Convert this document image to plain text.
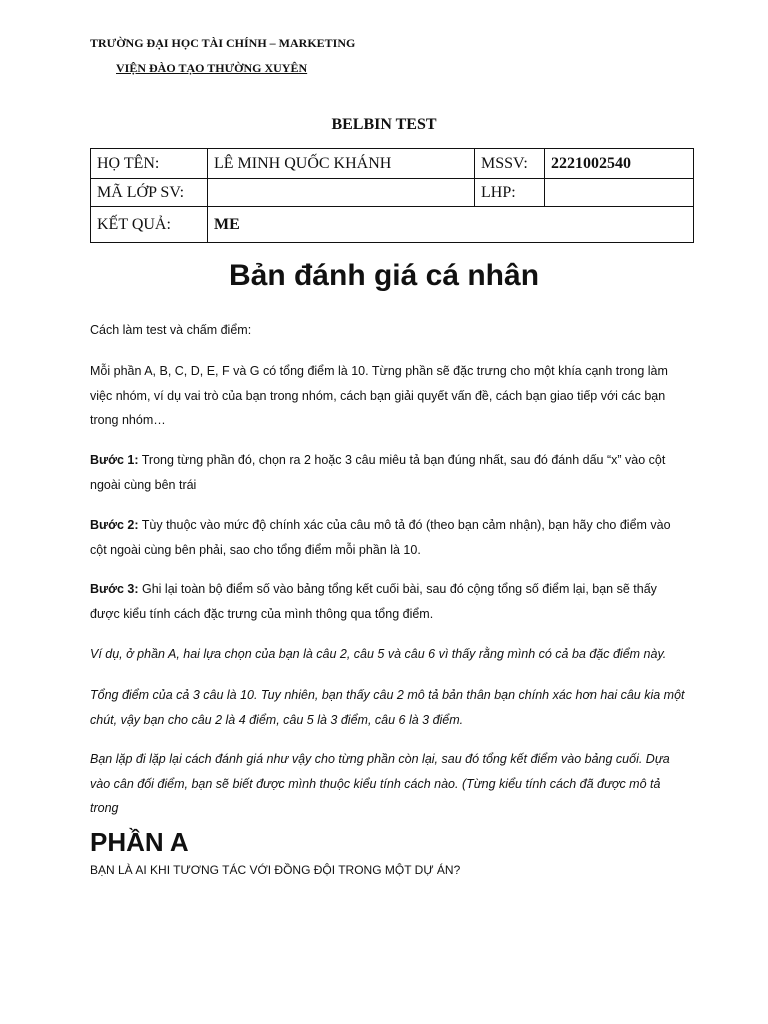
TRƯỜNG ĐẠI HỌC TÀI CHÍNH – MARKETING
VIỆN ĐÀO TẠO THƯỜNG XUYÊN
BELBIN TEST
HỌ TÊN:	LÊ MINH QUỐC KHÁNH	MSSV:	2221002540
MÃ LỚP SV:		LHP:	
KẾT QUẢ:	ME		
Bản đánh giá cá nhân
Cách làm test và chấm điểm:
Mỗi phần A, B, C, D, E, F và G có tổng điểm là 10. Từng phần sẽ đặc trưng cho một khía cạnh trong làm việc nhóm, ví dụ vai trò của bạn trong nhóm, cách bạn giải quyết vấn đề, cách bạn giao tiếp với các bạn trong nhóm…
Bước 1: Trong từng phần đó, chọn ra 2 hoặc 3 câu miêu tả bạn đúng nhất, sau đó đánh dấu “x” vào cột ngoài cùng bên trái
Bước 2: Tùy thuộc vào mức độ chính xác của câu mô tả đó (theo bạn cảm nhận), bạn hãy cho điểm vào cột ngoài cùng bên phải, sao cho tổng điểm mỗi phần là 10.
Bước 3: Ghi lại toàn bộ điểm số vào bảng tổng kết cuối bài, sau đó cộng tổng số điểm lại, bạn sẽ thấy được kiểu tính cách đặc trưng của mình thông qua tổng điểm.
Ví dụ, ở phần A, hai lựa chọn của bạn là câu 2, câu 5 và câu 6 vì thấy rằng mình có cả ba đặc điểm này.
Tổng điểm của cả 3 câu là 10. Tuy nhiên, bạn thấy câu 2 mô tả bản thân bạn chính xác hơn hai câu kia một chút, vậy bạn cho câu 2 là 4 điểm, câu 5 là 3 điểm, câu 6 là 3 điểm.
Bạn lặp đi lặp lại cách đánh giá như vậy cho từng phần còn lại, sau đó tổng kết điểm vào bảng cuối. Dựa vào cân đối điểm, bạn sẽ biết được mình thuộc kiểu tính cách nào. (Từng kiểu tính cách đã được mô tả trong
PHẦN A
BẠN LÀ AI KHI TƯƠNG TÁC VỚI ĐỒNG ĐỘI TRONG MỘT DỰ ÁN?
